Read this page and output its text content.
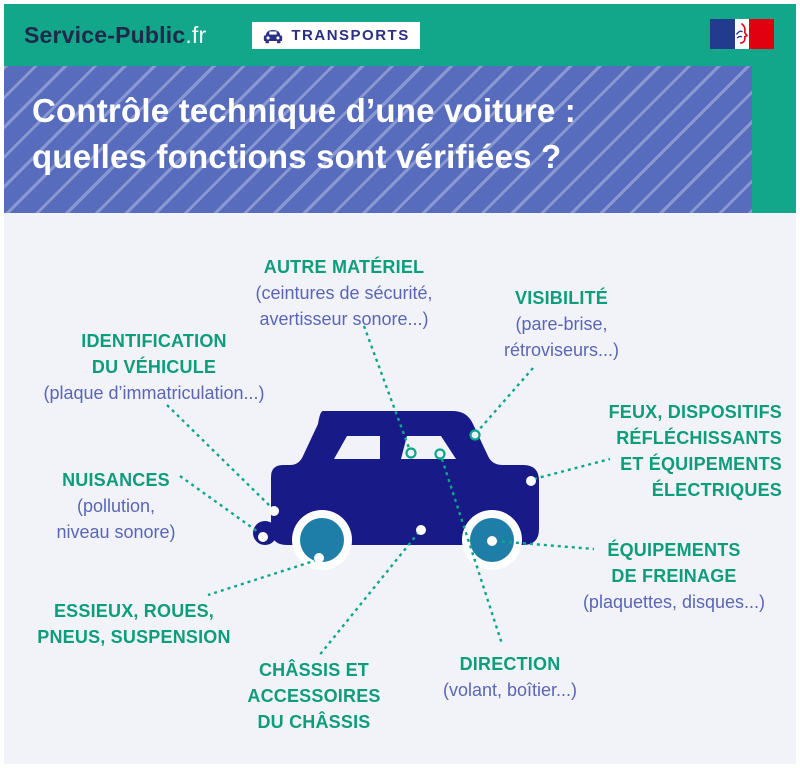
Service-Public.fr	TRANSPORTS
Contrôle technique d’une voiture :
quelles fonctions sont vérifiées ?
AUTRE MATÉRIEL
(ceintures de sécurité,
avertisseur sonore...)
VISIBILITÉ
(pare-brise,
rétroviseurs...)
IDENTIFICATION
DU VÉHICULE
(plaque d’immatriculation...)
FEUX, DISPOSITIFS
RÉFLÉCHISSANTS
ET ÉQUIPEMENTS
ÉLECTRIQUES
NUISANCES
(pollution,
niveau sonore)
ÉQUIPEMENTS
DE FREINAGE
(plaquettes, disques...)
ESSIEUX, ROUES,
PNEUS, SUSPENSION
CHÂSSIS ET
ACCESSOIRES
DU CHÂSSIS
DIRECTION
(volant, boîtier...)
